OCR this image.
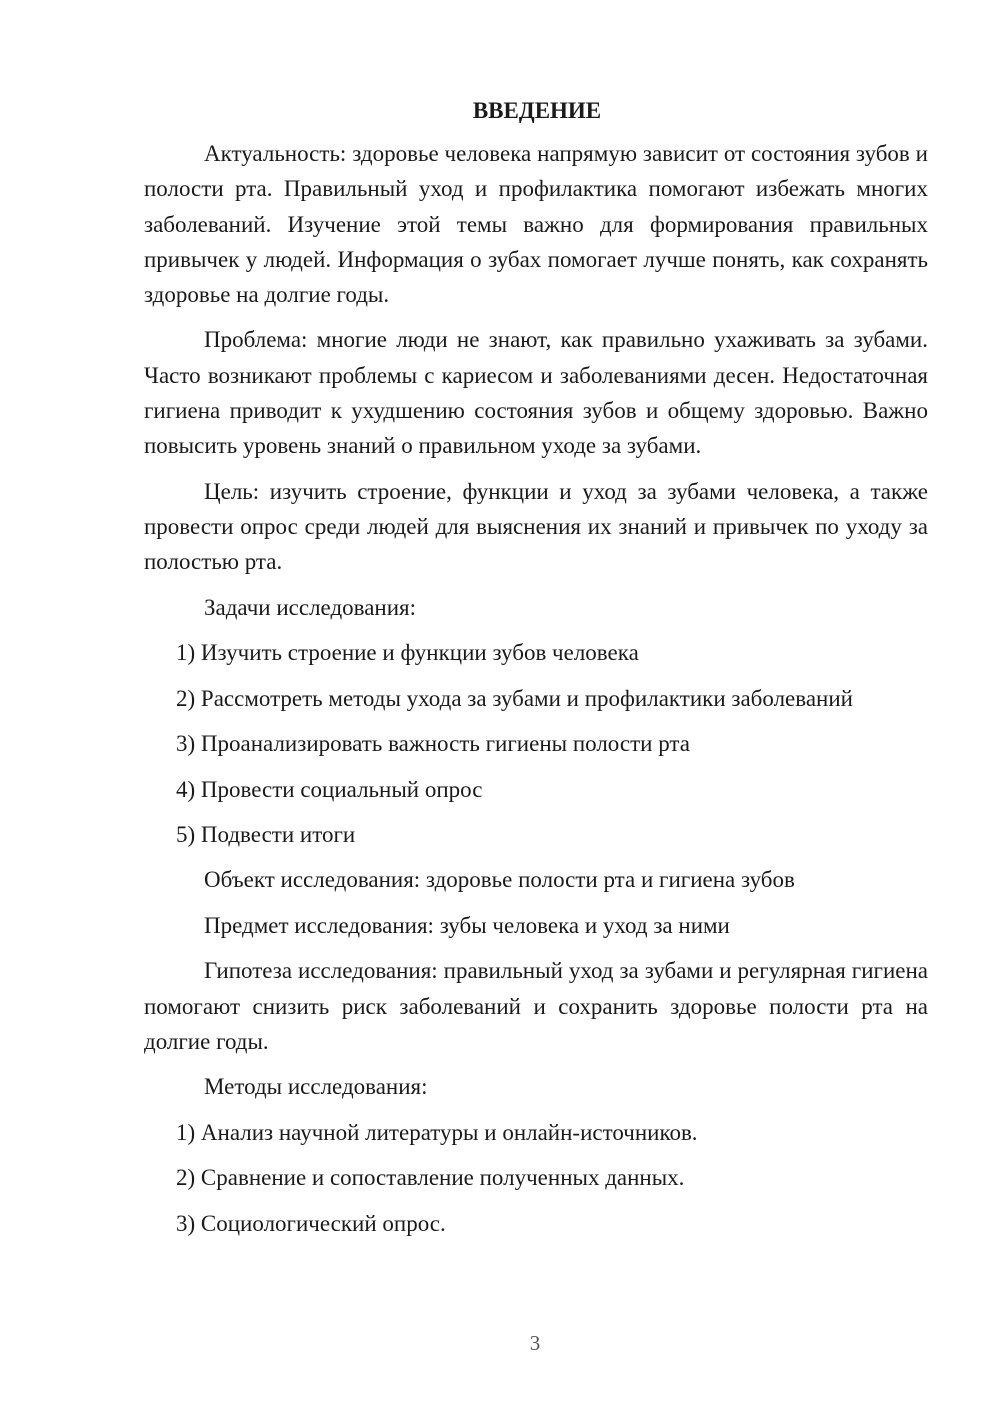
ВВЕДЕНИЕ

Актуальность: здоровье человека напрямую зависит от состояния зубов и полости рта. Правильный уход и профилактика помогают избежать многих заболеваний. Изучение этой темы важно для формирования правильных привычек у людей. Информация о зубах помогает лучше понять, как сохранять здоровье на долгие годы.

Проблема: многие люди не знают, как правильно ухаживать за зубами. Часто возникают проблемы с кариесом и заболеваниями десен. Недостаточная гигиена приводит к ухудшению состояния зубов и общему здоровью. Важно повысить уровень знаний о правильном уходе за зубами.

Цель: изучить строение, функции и уход за зубами человека, а также провести опрос среди людей для выяснения их знаний и привычек по уходу за полостью рта.

Задачи исследования:
1) Изучить строение и функции зубов человека
2) Рассмотреть методы ухода за зубами и профилактики заболеваний
3) Проанализировать важность гигиены полости рта
4) Провести социальный опрос
5) Подвести итоги
Объект исследования: здоровье полости рта и гигиена зубов
Предмет исследования: зубы человека и уход за ними

Гипотеза исследования: правильный уход за зубами и регулярная гигиена помогают снизить риск заболеваний и сохранить здоровье полости рта на долгие годы.

Методы исследования:
1) Анализ научной литературы и онлайн-источников.
2) Сравнение и сопоставление полученных данных.
3) Социологический опрос.
3
